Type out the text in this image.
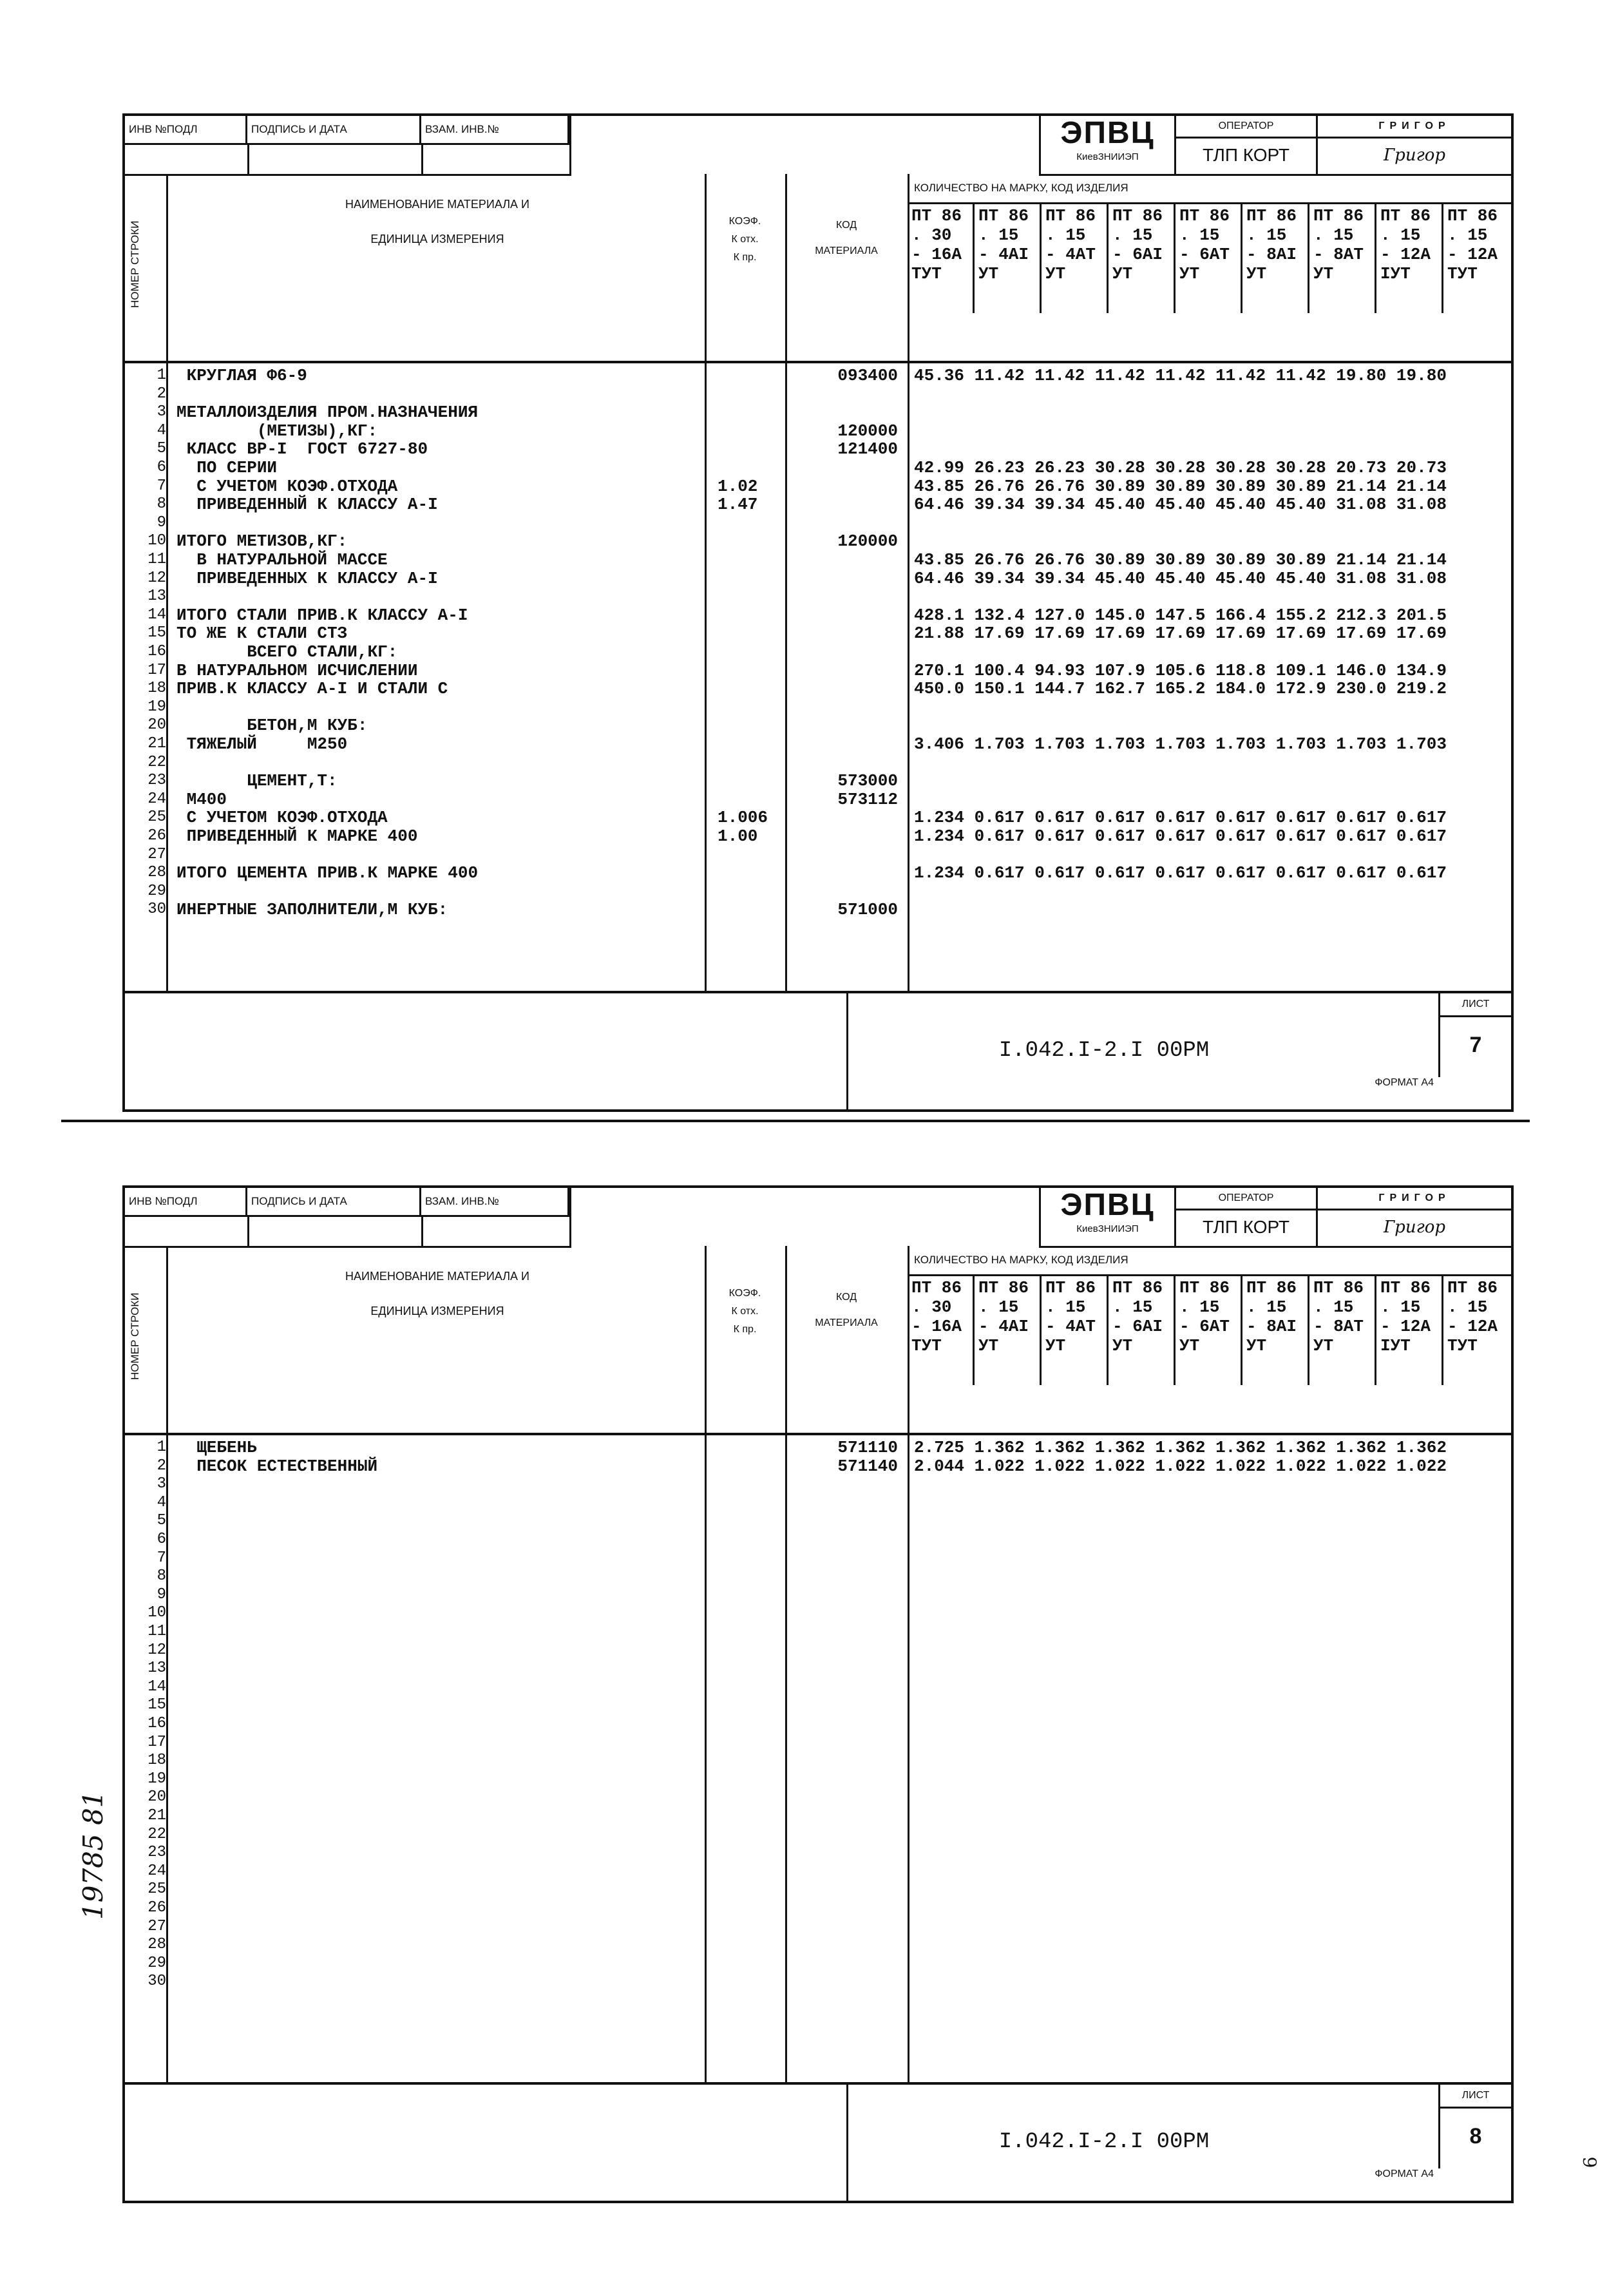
ИНВ №ПОДЛ	ПОДПИСЬ И ДАТА	ВЗАМ. ИНВ.№	ЭПВЦ
КиевЗНИИЭП
ОПЕРАТОР
ТЛП КОРТ
ГРИГОР
Григор
НОМЕР СТРОКИ
НАИМЕНОВАНИЕ МАТЕРИАЛА И
ЕДИНИЦА ИЗМЕРЕНИЯ
КОЭФ.
К отх.
К пр.
КОД
МАТЕРИАЛА
КОЛИЧЕСТВО НА МАРКУ, КОД ИЗДЕЛИЯ
ПТ 86
. 30
- 16А
ТУТ
ПТ 86
. 15
- 4АI
УТ
ПТ 86
. 15
- 4АТ
УТ
ПТ 86
. 15
- 6АI
УТ
ПТ 86
. 15
- 6АТ
УТ
ПТ 86
. 15
- 8АI
УТ
ПТ 86
. 15
- 8АТ
УТ
ПТ 86
. 15
- 12А
IУТ
ПТ 86
. 15
- 12А
ТУТ
1 КРУГЛАЯ Ф6-9	093400 45.36 11.42 11.42 11.42 11.42 11.42 11.42 19.80 19.80
2
3 МЕТАЛЛОИЗДЕЛИЯ ПРОМ.НАЗНАЧЕНИЯ
4 (МЕТИЗЫ),КГ:	120000
5 КЛАСС ВР-I  ГОСТ 6727-80	121400
6 ПО СЕРИИ	42.99 26.23 26.23 30.28 30.28 30.28 30.28 20.73 20.73
7 С УЧЕТОМ КОЭФ.ОТХОДА	1.02	43.85 26.76 26.76 30.89 30.89 30.89 30.89 21.14 21.14
8 ПРИВЕДЕННЫЙ К КЛАССУ А-I	1.47	64.46 39.34 39.34 45.40 45.40 45.40 45.40 31.08 31.08
9
10 ИТОГО МЕТИЗОВ,КГ:	120000
11 В НАТУРАЛЬНОЙ МАССЕ	43.85 26.76 26.76 30.89 30.89 30.89 30.89 21.14 21.14
12 ПРИВЕДЕННЫХ К КЛАССУ А-I	64.46 39.34 39.34 45.40 45.40 45.40 45.40 31.08 31.08
13
14 ИТОГО СТАЛИ ПРИВ.К КЛАССУ А-I	428.1 132.4 127.0 145.0 147.5 166.4 155.2 212.3 201.5
15 ТО ЖЕ К СТАЛИ СТЗ	21.88 17.69 17.69 17.69 17.69 17.69 17.69 17.69 17.69
16 ВСЕГО СТАЛИ,КГ:
17 В НАТУРАЛЬНОМ ИСЧИСЛЕНИИ	270.1 100.4 94.93 107.9 105.6 118.8 109.1 146.0 134.9
18 ПРИВ.К КЛАССУ А-I И СТАЛИ С	450.0 150.1 144.7 162.7 165.2 184.0 172.9 230.0 219.2
19
20 БЕТОН,М КУБ:
21 ТЯЖЕЛЫЙ     М250	3.406 1.703 1.703 1.703 1.703 1.703 1.703 1.703 1.703
22
23 ЦЕМЕНТ,Т:	573000
24 М400	573112
25 С УЧЕТОМ КОЭФ.ОТХОДА	1.006	1.234 0.617 0.617 0.617 0.617 0.617 0.617 0.617 0.617
26 ПРИВЕДЕННЫЙ К МАРКЕ 400	1.00	1.234 0.617 0.617 0.617 0.617 0.617 0.617 0.617 0.617
27
28 ИТОГО ЦЕМЕНТА ПРИВ.К МАРКЕ 400	1.234 0.617 0.617 0.617 0.617 0.617 0.617 0.617 0.617
29
30 ИНЕРТНЫЕ ЗАПОЛНИТЕЛИ,М КУБ:	571000
I.042.I-2.I 00РМ
ЛИСТ
7
ФОРМАТ А4
ИНВ №ПОДЛ	ПОДПИСЬ И ДАТА	ВЗАМ. ИНВ.№	ЭПВЦ
КиевЗНИИЭП
ОПЕРАТОР
ТЛП КОРТ
ГРИГОР
Григор
НОМЕР СТРОКИ
НАИМЕНОВАНИЕ МАТЕРИАЛА И
ЕДИНИЦА ИЗМЕРЕНИЯ
КОЭФ.
К отх.
К пр.
КОД
МАТЕРИАЛА
КОЛИЧЕСТВО НА МАРКУ, КОД ИЗДЕЛИЯ
ПТ 86
. 30
- 16А
ТУТ
ПТ 86
. 15
- 4АI
УТ
ПТ 86
. 15
- 4АТ
УТ
ПТ 86
. 15
- 6АI
УТ
ПТ 86
. 15
- 6АТ
УТ
ПТ 86
. 15
- 8АI
УТ
ПТ 86
. 15
- 8АТ
УТ
ПТ 86
. 15
- 12А
IУТ
ПТ 86
. 15
- 12А
ТУТ
1 ЩЕБЕНЬ	571110 2.725 1.362 1.362 1.362 1.362 1.362 1.362 1.362 1.362
2 ПЕСОК ЕСТЕСТВЕННЫЙ	571140 2.044 1.022 1.022 1.022 1.022 1.022 1.022 1.022 1.022
3
4
5
6
7
8
9
10
11
12
13
14
15
16
17
18
19
20
21
22
23
24
25
26
27
28
29
30
I.042.I-2.I 00РМ
ЛИСТ
8
ФОРМАТ А4
19785 81
6
